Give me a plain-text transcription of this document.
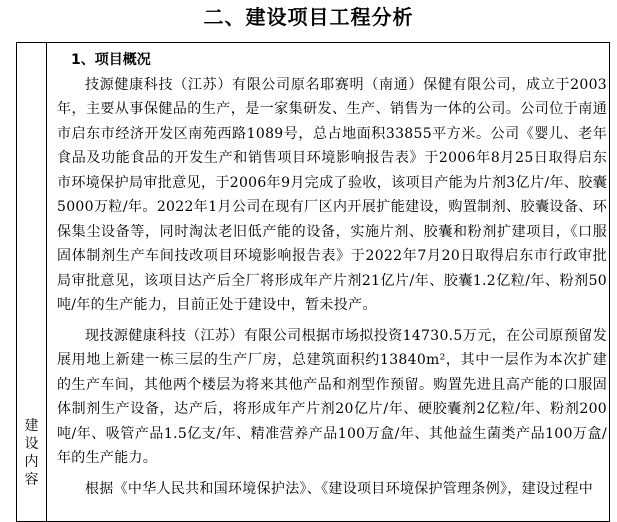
二、建设项目工程分析
建
设
内
容

1、项目概况

技源健康科技（江苏）有限公司原名耶赛明（南通）保健有限公司，成立于2003年，主要从事保健品的生产，是一家集研发、生产、销售为一体的公司。公司位于南通市启东市经济开发区南苑西路1089号，总占地面积33855平方米。公司《婴儿、老年食品及功能食品的开发生产和销售项目环境影响报告表》于2006年8月25日取得启东市环境保护局审批意见，于2006年9月完成了验收，该项目产能为片剂3亿片/年、胶囊5000万粒/年。2022年1月公司在现有厂区内开展扩能建设，购置制剂、胶囊设备、环保集尘设备等，同时淘汰老旧低产能的设备，实施片剂、胶囊和粉剂扩建项目，《口服固体制剂生产车间技改项目环境影响报告表》于2022年7月20日取得启东市行政审批局审批意见，该项目达产后全厂将形成年产片剂21亿片/年、胶囊1.2亿粒/年、粉剂50吨/年的生产能力，目前正处于建设中，暂未投产。

现技源健康科技（江苏）有限公司根据市场拟投资14730.5万元，在公司原预留发展用地上新建一栋三层的生产厂房，总建筑面积约13840m²，其中一层作为本次扩建的生产车间，其他两个楼层为将来其他产品和剂型作预留。购置先进且高产能的口服固体制剂生产设备，达产后，将形成年产片剂20亿片/年、硬胶囊剂2亿粒/年、粉剂200吨/年、吸管产品1.5亿支/年、精准营养产品100万盒/年、其他益生菌类产品100万盒/年的生产能力。

根据《中华人民共和国环境保护法》、《建设项目环境保护管理条例》，建设过程中
